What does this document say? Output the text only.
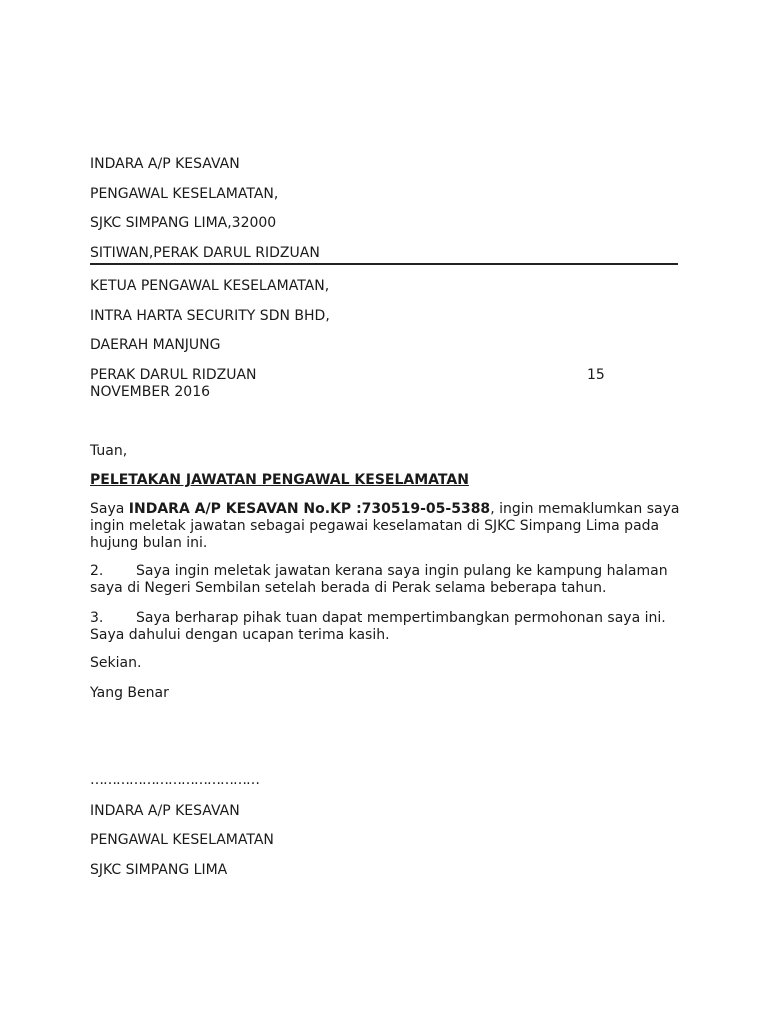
INDARA A/P KESAVAN
PENGAWAL KESELAMATAN,
SJKC SIMPANG LIMA,32000
SITIWAN,PERAK DARUL RIDZUAN
KETUA PENGAWAL KESELAMATAN,
INTRA HARTA SECURITY SDN BHD,
DAERAH MANJUNG
PERAK DARUL RIDZUAN	15
NOVEMBER 2016
Tuan,
PELETAKAN JAWATAN PENGAWAL KESELAMATAN
Saya INDARA A/P KESAVAN No.KP :730519-05-5388, ingin memaklumkan saya ingin meletak jawatan sebagai pegawai keselamatan di SJKC Simpang Lima pada hujung bulan ini.
2. Saya ingin meletak jawatan kerana saya ingin pulang ke kampung halaman saya di Negeri Sembilan setelah berada di Perak selama beberapa tahun.
3. Saya berharap pihak tuan dapat mempertimbangkan permohonan saya ini. Saya dahului dengan ucapan terima kasih.
Sekian.
Yang Benar
…………………………………
INDARA A/P KESAVAN
PENGAWAL KESELAMATAN
SJKC SIMPANG LIMA
